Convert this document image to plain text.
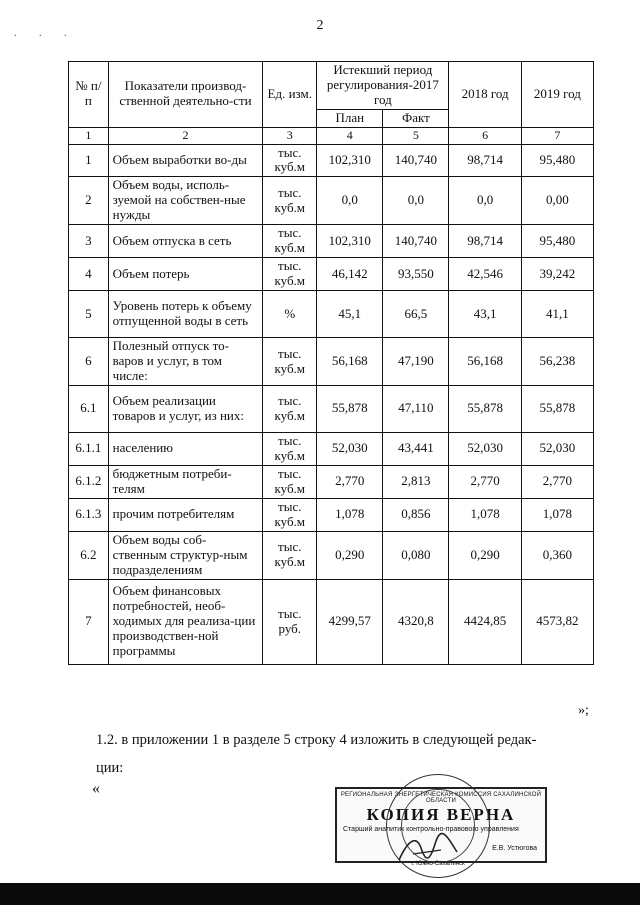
2
. . .
№ п/п	Показатели производ-ственной деятельно-сти	Ед. изм.	Истекший период регулирования-2017 год		2018 год	2019 год
			План	Факт		
1	2	3	4	5	6	7
1	Объем выработки во-ды	тыс. куб.м	102,310	140,740	98,714	95,480
2	Объем воды, исполь-зуемой на собствен-ные нужды	тыс. куб.м	0,0	0,0	0,0	0,00
3	Объем отпуска в сеть	тыс. куб.м	102,310	140,740	98,714	95,480
4	Объем потерь	тыс. куб.м	46,142	93,550	42,546	39,242
5	Уровень потерь к объему отпущенной воды в сеть	%	45,1	66,5	43,1	41,1
6	Полезный отпуск то-варов и услуг, в том числе:	тыс. куб.м	56,168	47,190	56,168	56,238
6.1	Объем реализации товаров и услуг, из них:	тыс. куб.м	55,878	47,110	55,878	55,878
6.1.1	населению	тыс. куб.м	52,030	43,441	52,030	52,030
6.1.2	бюджетным потреби-телям	тыс. куб.м	2,770	2,813	2,770	2,770
6.1.3	прочим потребителям	тыс. куб.м	1,078	0,856	1,078	1,078
6.2	Объем воды соб-ственным структур-ным подразделениям	тыс. куб.м	0,290	0,080	0,290	0,360
7	Объем финансовых потребностей, необ-ходимых для реализа-ции производствен-ной программы	тыс. руб.	4299,57	4320,8	4424,85	4573,82
»;
1.2. в приложении 1 в разделе 5 строку 4 изложить в следующей редак-
ции:
«	РЕГИОНАЛЬНАЯ ЭНЕРГЕТИЧЕСКАЯ КОМИССИЯ САХАЛИНСКОЙ ОБЛАСТИ
КОПИЯ ВЕРНА
Старший аналитик контрольно-правового управления
Е.В. Устюгова
г. Южно-Сахалинск
